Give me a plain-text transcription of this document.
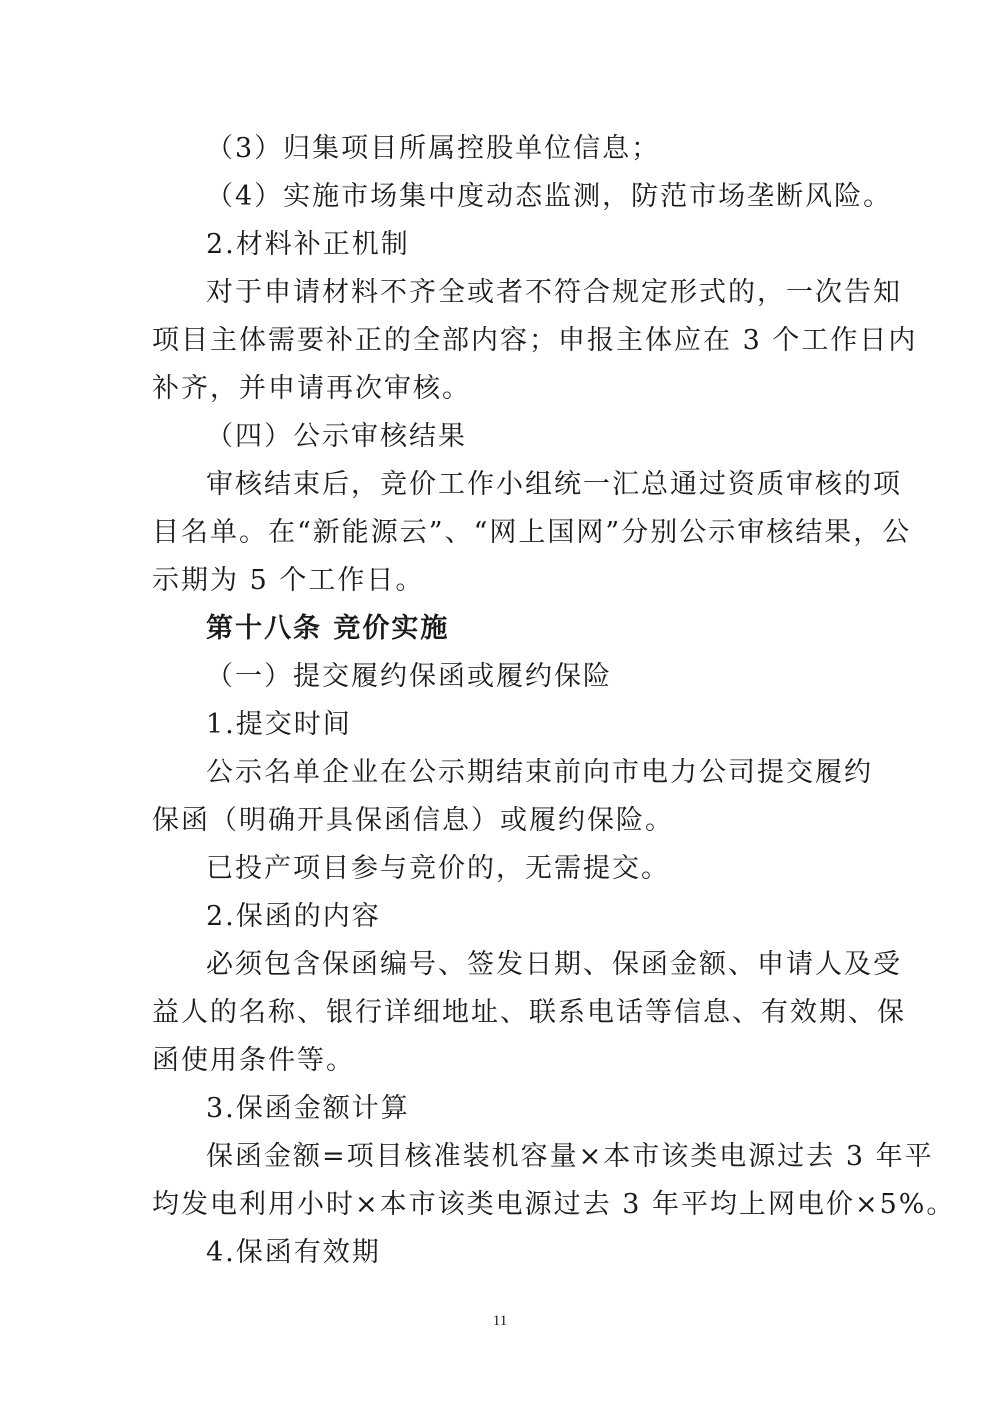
（3）归集项目所属控股单位信息；
（4）实施市场集中度动态监测，防范市场垄断风险。
2.材料补正机制
对于申请材料不齐全或者不符合规定形式的，一次告知
项目主体需要补正的全部内容；申报主体应在 3 个工作日内
补齐，并申请再次审核。
（四）公示审核结果
审核结束后，竞价工作小组统一汇总通过资质审核的项
目名单。在“新能源云”、“网上国网”分别公示审核结果，公
示期为 5 个工作日。
第十八条 竞价实施
（一）提交履约保函或履约保险
1.提交时间
公示名单企业在公示期结束前向市电力公司提交履约
保函（明确开具保函信息）或履约保险。
已投产项目参与竞价的，无需提交。
2.保函的内容
必须包含保函编号、签发日期、保函金额、申请人及受
益人的名称、银行详细地址、联系电话等信息、有效期、保
函使用条件等。
3.保函金额计算
保函金额=项目核准装机容量×本市该类电源过去 3 年平
均发电利用小时×本市该类电源过去 3 年平均上网电价×5%。
4.保函有效期
11
